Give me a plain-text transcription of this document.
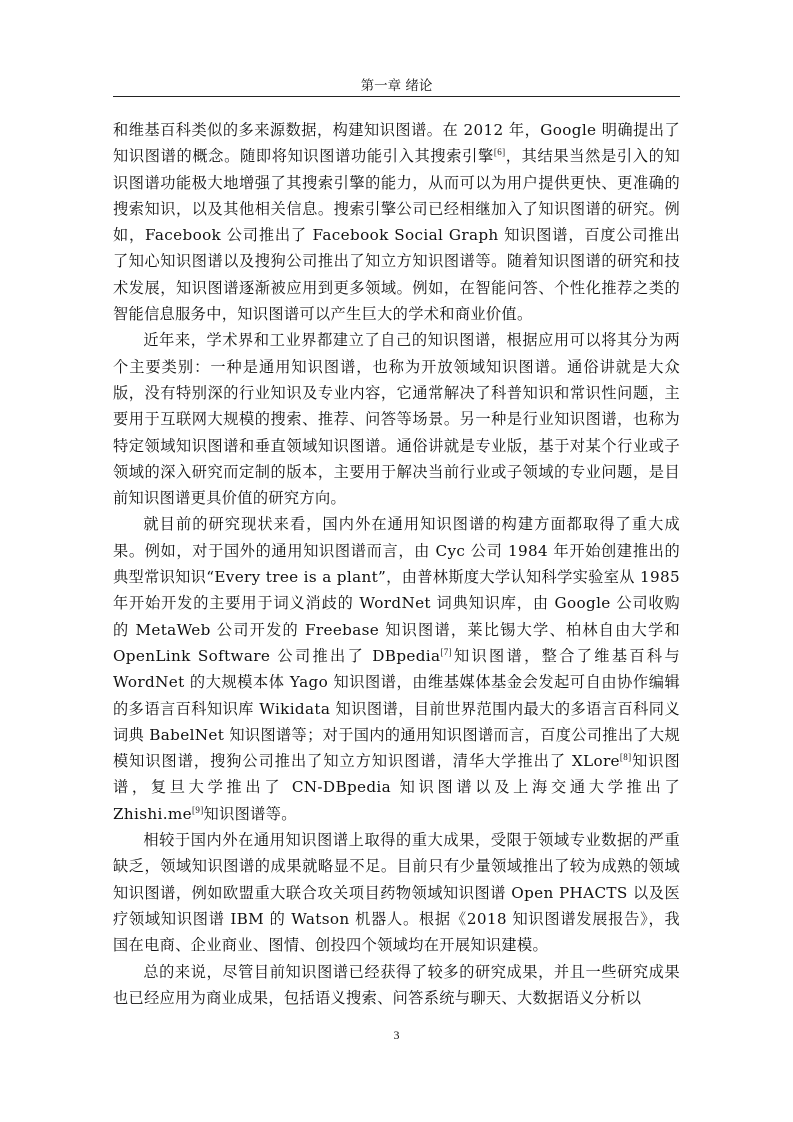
第一章 绪论

和维基百科类似的多来源数据，构建知识图谱。在 2012 年，Google 明确提出了知识图谱的概念。随即将知识图谱功能引入其搜索引擎[6]，其结果当然是引入的知识图谱功能极大地增强了其搜索引擎的能力，从而可以为用户提供更快、更准确的搜索知识，以及其他相关信息。搜索引擎公司已经相继加入了知识图谱的研究。例如，Facebook 公司推出了 Facebook Social Graph 知识图谱，百度公司推出了知心知识图谱以及搜狗公司推出了知立方知识图谱等。随着知识图谱的研究和技术发展，知识图谱逐渐被应用到更多领域。例如，在智能问答、个性化推荐之类的智能信息服务中，知识图谱可以产生巨大的学术和商业价值。

近年来，学术界和工业界都建立了自己的知识图谱，根据应用可以将其分为两个主要类别：一种是通用知识图谱，也称为开放领域知识图谱。通俗讲就是大众版，没有特别深的行业知识及专业内容，它通常解决了科普知识和常识性问题，主要用于互联网大规模的搜索、推荐、问答等场景。另一种是行业知识图谱，也称为特定领域知识图谱和垂直领域知识图谱。通俗讲就是专业版，基于对某个行业或子领域的深入研究而定制的版本，主要用于解决当前行业或子领域的专业问题，是目前知识图谱更具价值的研究方向。

就目前的研究现状来看，国内外在通用知识图谱的构建方面都取得了重大成果。例如，对于国外的通用知识图谱而言，由 Cyc 公司 1984 年开始创建推出的典型常识知识“Every tree is a plant”，由普林斯度大学认知科学实验室从 1985 年开始开发的主要用于词义消歧的 WordNet 词典知识库，由 Google 公司收购的 MetaWeb 公司开发的 Freebase 知识图谱，莱比锡大学、柏林自由大学和 OpenLink Software 公司推出了 DBpedia[7]知识图谱，整合了维基百科与 WordNet 的大规模本体 Yago 知识图谱，由维基媒体基金会发起可自由协作编辑的多语言百科知识库 Wikidata 知识图谱，目前世界范围内最大的多语言百科同义词典 BabelNet 知识图谱等；对于国内的通用知识图谱而言，百度公司推出了大规模知识图谱，搜狗公司推出了知立方知识图谱，清华大学推出了 XLore[8]知识图谱，复旦大学推出了 CN-DBpedia 知识图谱以及上海交通大学推出了 Zhishi.me[9]知识图谱等。

相较于国内外在通用知识图谱上取得的重大成果，受限于领域专业数据的严重缺乏，领域知识图谱的成果就略显不足。目前只有少量领域推出了较为成熟的领域知识图谱，例如欧盟重大联合攻关项目药物领域知识图谱 Open PHACTS 以及医疗领域知识图谱 IBM 的 Watson 机器人。根据《2018 知识图谱发展报告》，我国在电商、企业商业、图情、创投四个领域均在开展知识建模。

总的来说，尽管目前知识图谱已经获得了较多的研究成果，并且一些研究成果也已经应用为商业成果，包括语义搜索、问答系统与聊天、大数据语义分析以

3
